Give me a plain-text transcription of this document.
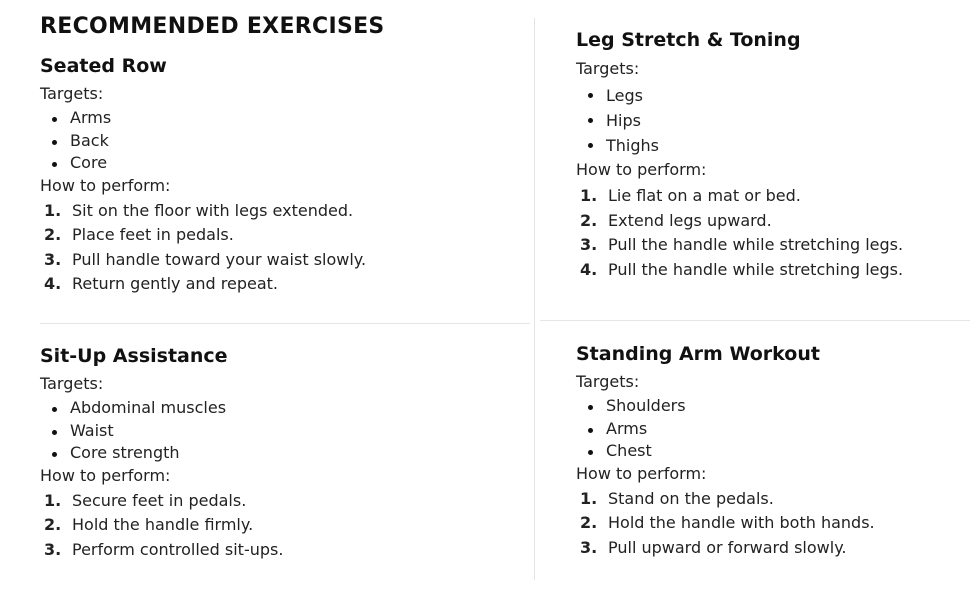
RECOMMENDED EXERCISES
Seated Row
Targets:
Arms
Back
Core
How to perform:
1. Sit on the floor with legs extended.
2. Place feet in pedals.
3. Pull handle toward your waist slowly.
4. Return gently and repeat.
Leg Stretch & Toning
Targets:
Legs
Hips
Thighs
How to perform:
1. Lie flat on a mat or bed.
2. Extend legs upward.
3. Pull the handle while stretching legs.
4. Pull the handle while stretching legs.
Sit-Up Assistance
Targets:
Abdominal muscles
Waist
Core strength
How to perform:
1. Secure feet in pedals.
2. Hold the handle firmly.
3. Perform controlled sit-ups.
Standing Arm Workout
Targets:
Shoulders
Arms
Chest
How to perform:
1. Stand on the pedals.
2. Hold the handle with both hands.
3. Pull upward or forward slowly.
